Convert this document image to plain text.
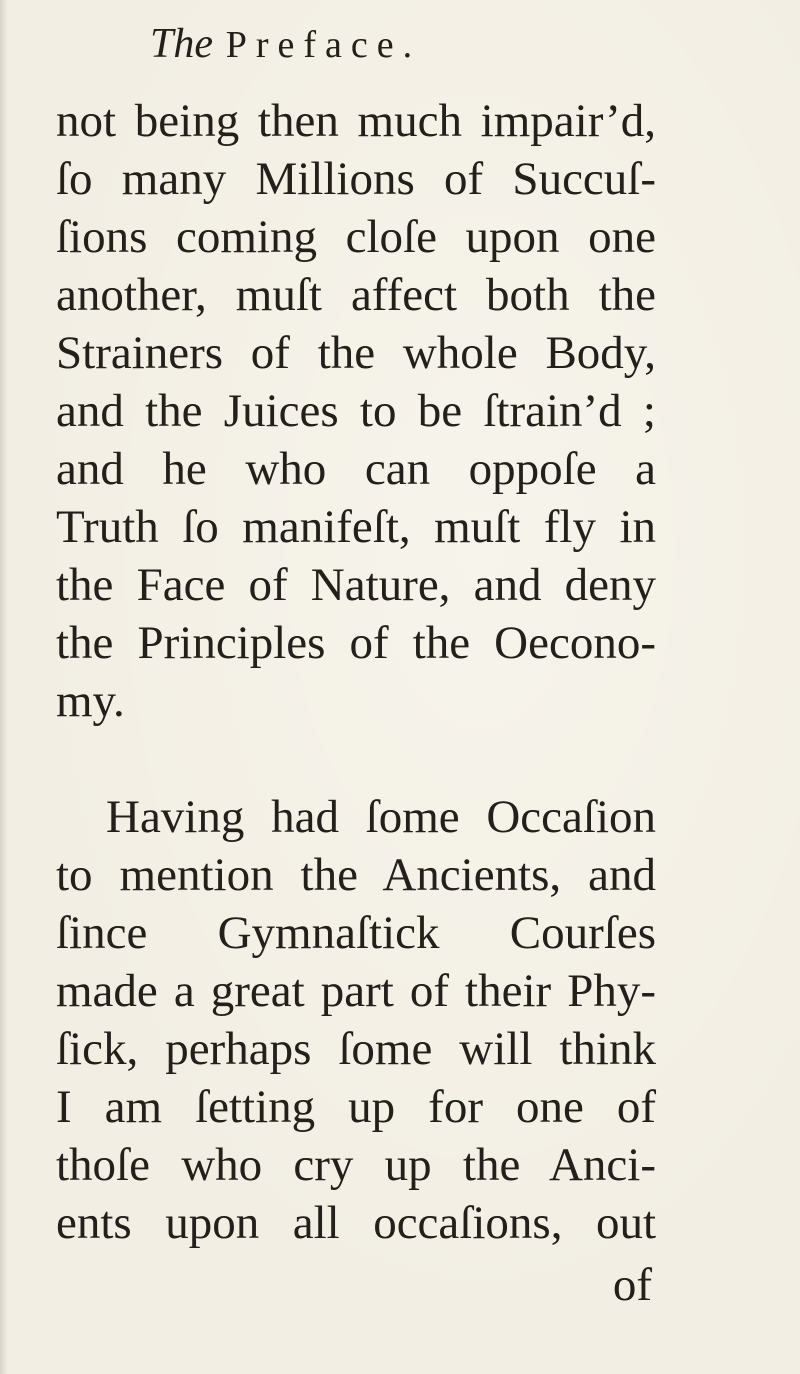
The Preface.
not being then much impair’d,
ſo many Millions of Succuſ-
ſions coming cloſe upon one
another, muſt affect both the
Strainers of the whole Body,
and the Juices to be ſtrain’d ;
and he who can oppoſe a
Truth ſo manifeſt, muſt fly in
the Face of Nature, and deny
the Principles of the Oecono-
my.
Having had ſome Occaſion
to mention the Ancients, and
ſince Gymnaſtick Courſes
made a great part of their Phy-
ſick, perhaps ſome will think
I am ſetting up for one of
thoſe who cry up the Anci-
ents upon all occaſions, out
of
